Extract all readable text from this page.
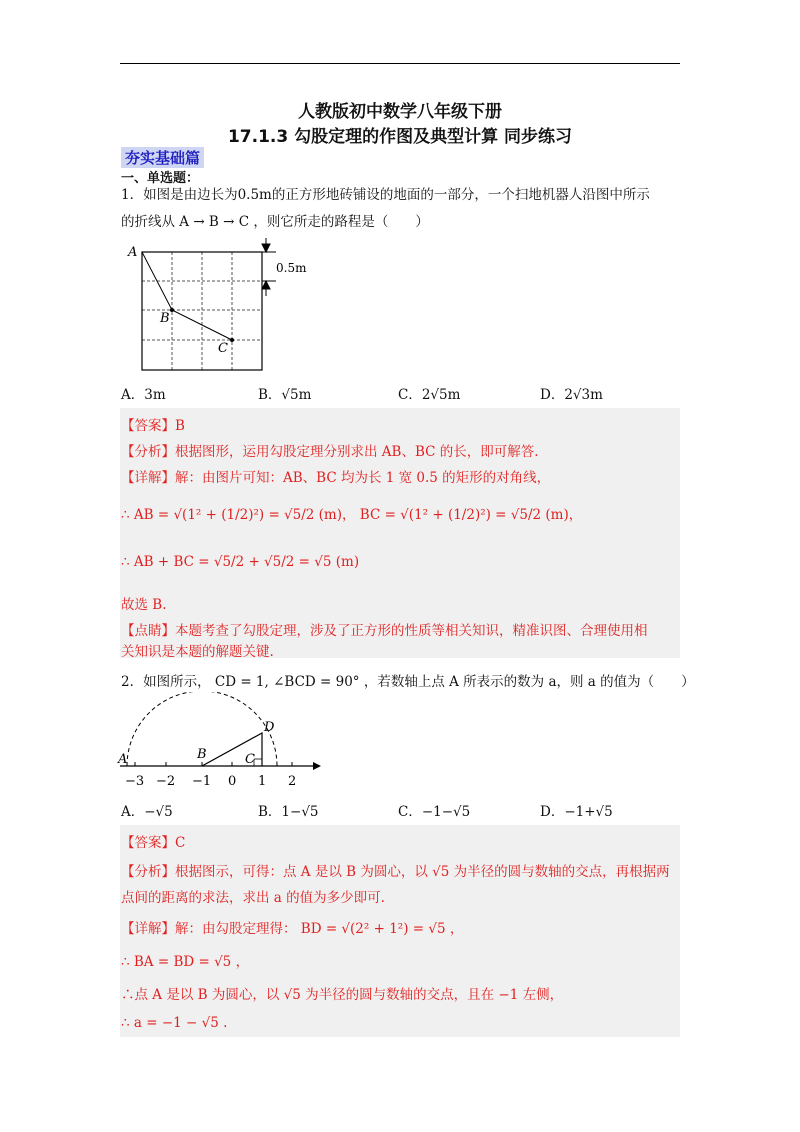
人教版初中数学八年级下册
17.1.3 勾股定理的作图及典型计算 同步练习
夯实基础篇
一、单选题：
1．如图是由边长为0.5m的正方形地砖铺设的地面的一部分，一个扫地机器人沿图中所示
的折线从 A → B → C ，则它所走的路程是（　　）
A
B
C
0.5m
A．3m	B．√5m	C．2√5m	D．2√3m
【答案】B
【分析】根据图形，运用勾股定理分别求出 AB、BC 的长，即可解答.
【详解】解：由图片可知：AB、BC 均为长 1 宽 0.5 的矩形的对角线，
∴ AB = √(1² + (1/2)²) = √5/2 (m)， BC = √(1² + (1/2)²) = √5/2 (m)，
∴ AB + BC = √5/2 + √5/2 = √5 (m)
故选 B.
【点睛】本题考查了勾股定理，涉及了正方形的性质等相关知识，精准识图、合理使用相
关知识是本题的解题关键.
2．如图所示， CD = 1, ∠BCD = 90° ，若数轴上点 A 所表示的数为 a，则 a 的值为（　　）
A	B	C
D
−3 −2 −1 0 1 2
A．−√5	B．1−√5	C．−1−√5	D．−1+√5
【答案】C
【分析】根据图示，可得：点 A 是以 B 为圆心，以 √5 为半径的圆与数轴的交点，再根据两
点间的距离的求法，求出 a 的值为多少即可.
【详解】解：由勾股定理得： BD = √(2² + 1²) = √5 ，
∴ BA = BD = √5 ，
∴点 A 是以 B 为圆心，以 √5 为半径的圆与数轴的交点，且在 −1 左侧，
∴ a = −1 − √5 .
